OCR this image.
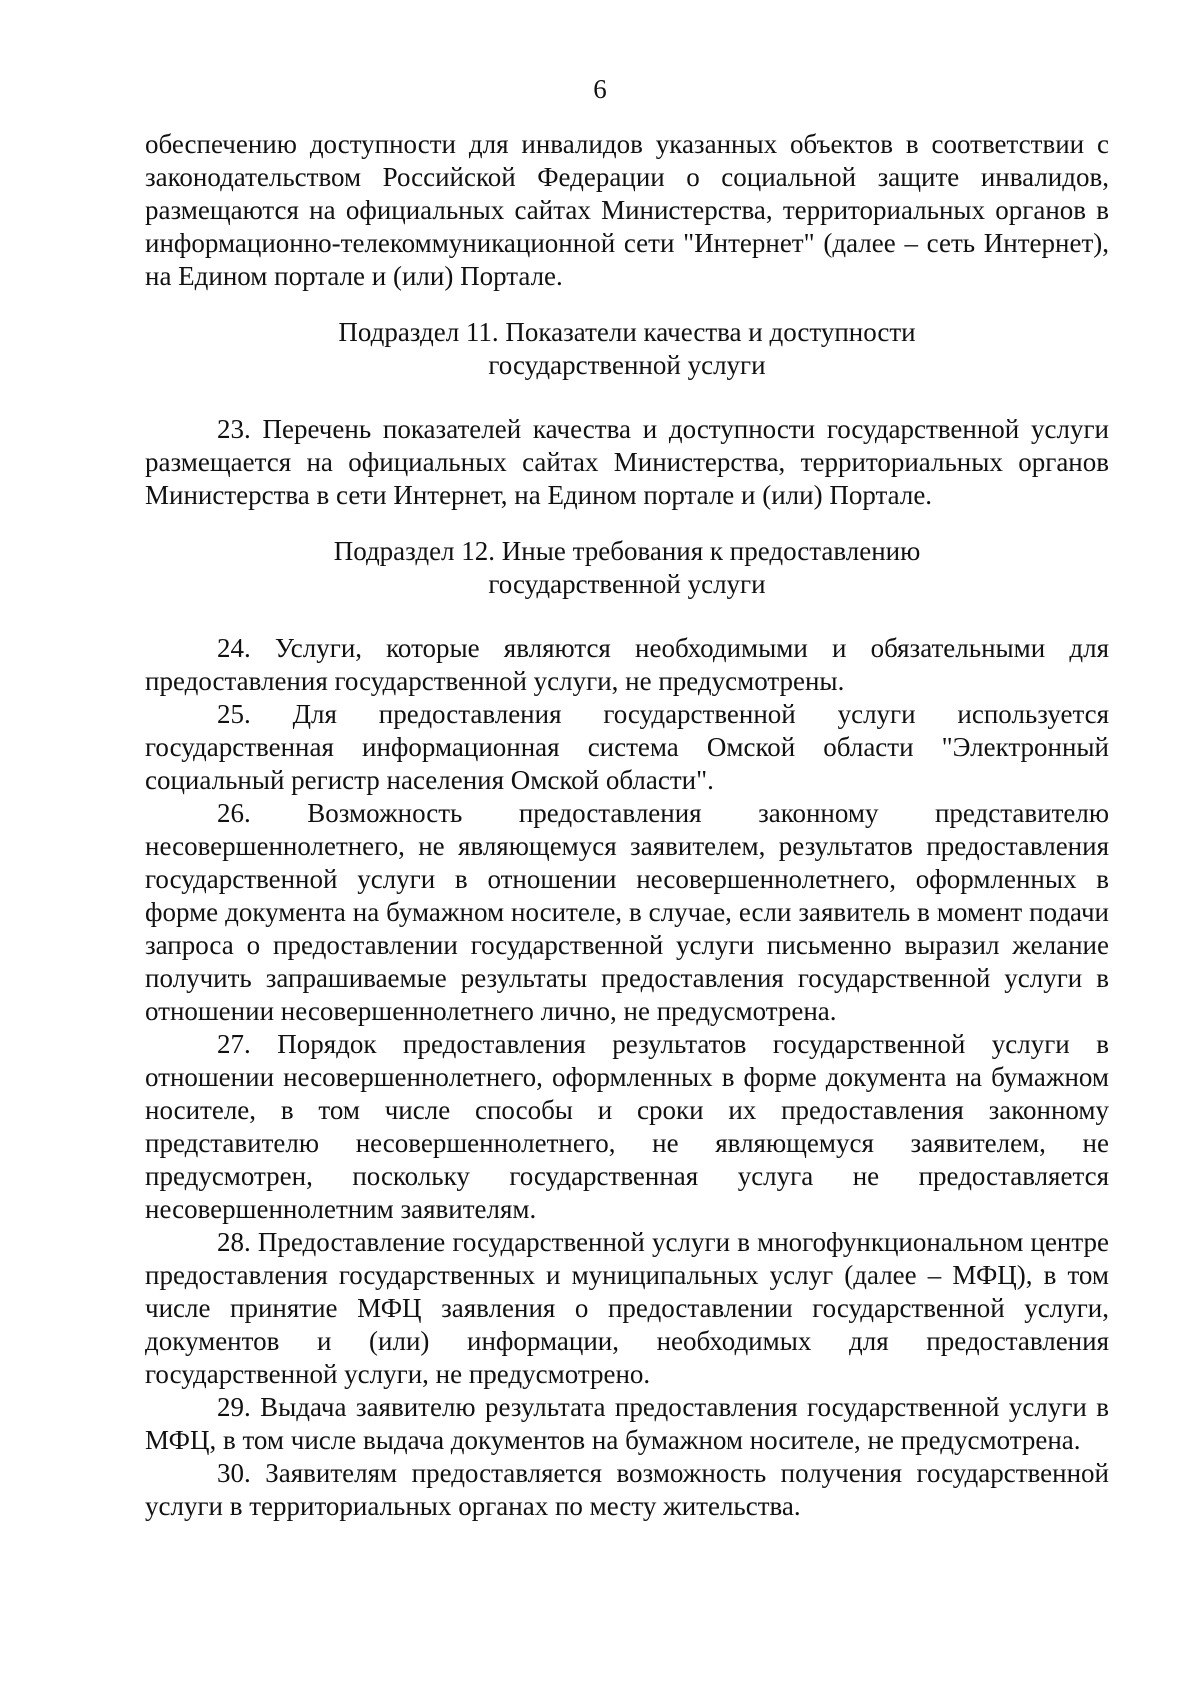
6

обеспечению доступности для инвалидов указанных объектов в соответствии с законодательством Российской Федерации о социальной защите инвалидов, размещаются на официальных сайтах Министерства, территориальных органов в информационно-телекоммуникационной сети "Интернет" (далее – сеть Интернет), на Едином портале и (или) Портале.

Подраздел 11. Показатели качества и доступности
государственной услуги

23. Перечень показателей качества и доступности государственной услуги размещается на официальных сайтах Министерства, территориальных органов Министерства в сети Интернет, на Едином портале и (или) Портале.

Подраздел 12. Иные требования к предоставлению
государственной услуги

24. Услуги, которые являются необходимыми и обязательными для предоставления государственной услуги, не предусмотрены.

25. Для предоставления государственной услуги используется государственная информационная система Омской области "Электронный социальный регистр населения Омской области".

26. Возможность предоставления законному представителю несовершеннолетнего, не являющемуся заявителем, результатов предоставления государственной услуги в отношении несовершеннолетнего, оформленных в форме документа на бумажном носителе, в случае, если заявитель в момент подачи запроса о предоставлении государственной услуги письменно выразил желание получить запрашиваемые результаты предоставления государственной услуги в отношении несовершеннолетнего лично, не предусмотрена.

27. Порядок предоставления результатов государственной услуги в отношении несовершеннолетнего, оформленных в форме документа на бумажном носителе, в том числе способы и сроки их предоставления законному представителю несовершеннолетнего, не являющемуся заявителем, не предусмотрен, поскольку государственная услуга не предоставляется несовершеннолетним заявителям.

28. Предоставление государственной услуги в многофункциональном центре предоставления государственных и муниципальных услуг (далее – МФЦ), в том числе принятие МФЦ заявления о предоставлении государственной услуги, документов и (или) информации, необходимых для предоставления государственной услуги, не предусмотрено.

29. Выдача заявителю результата предоставления государственной услуги в МФЦ, в том числе выдача документов на бумажном носителе, не предусмотрена.

30. Заявителям предоставляется возможность получения государственной услуги в территориальных органах по месту жительства.
